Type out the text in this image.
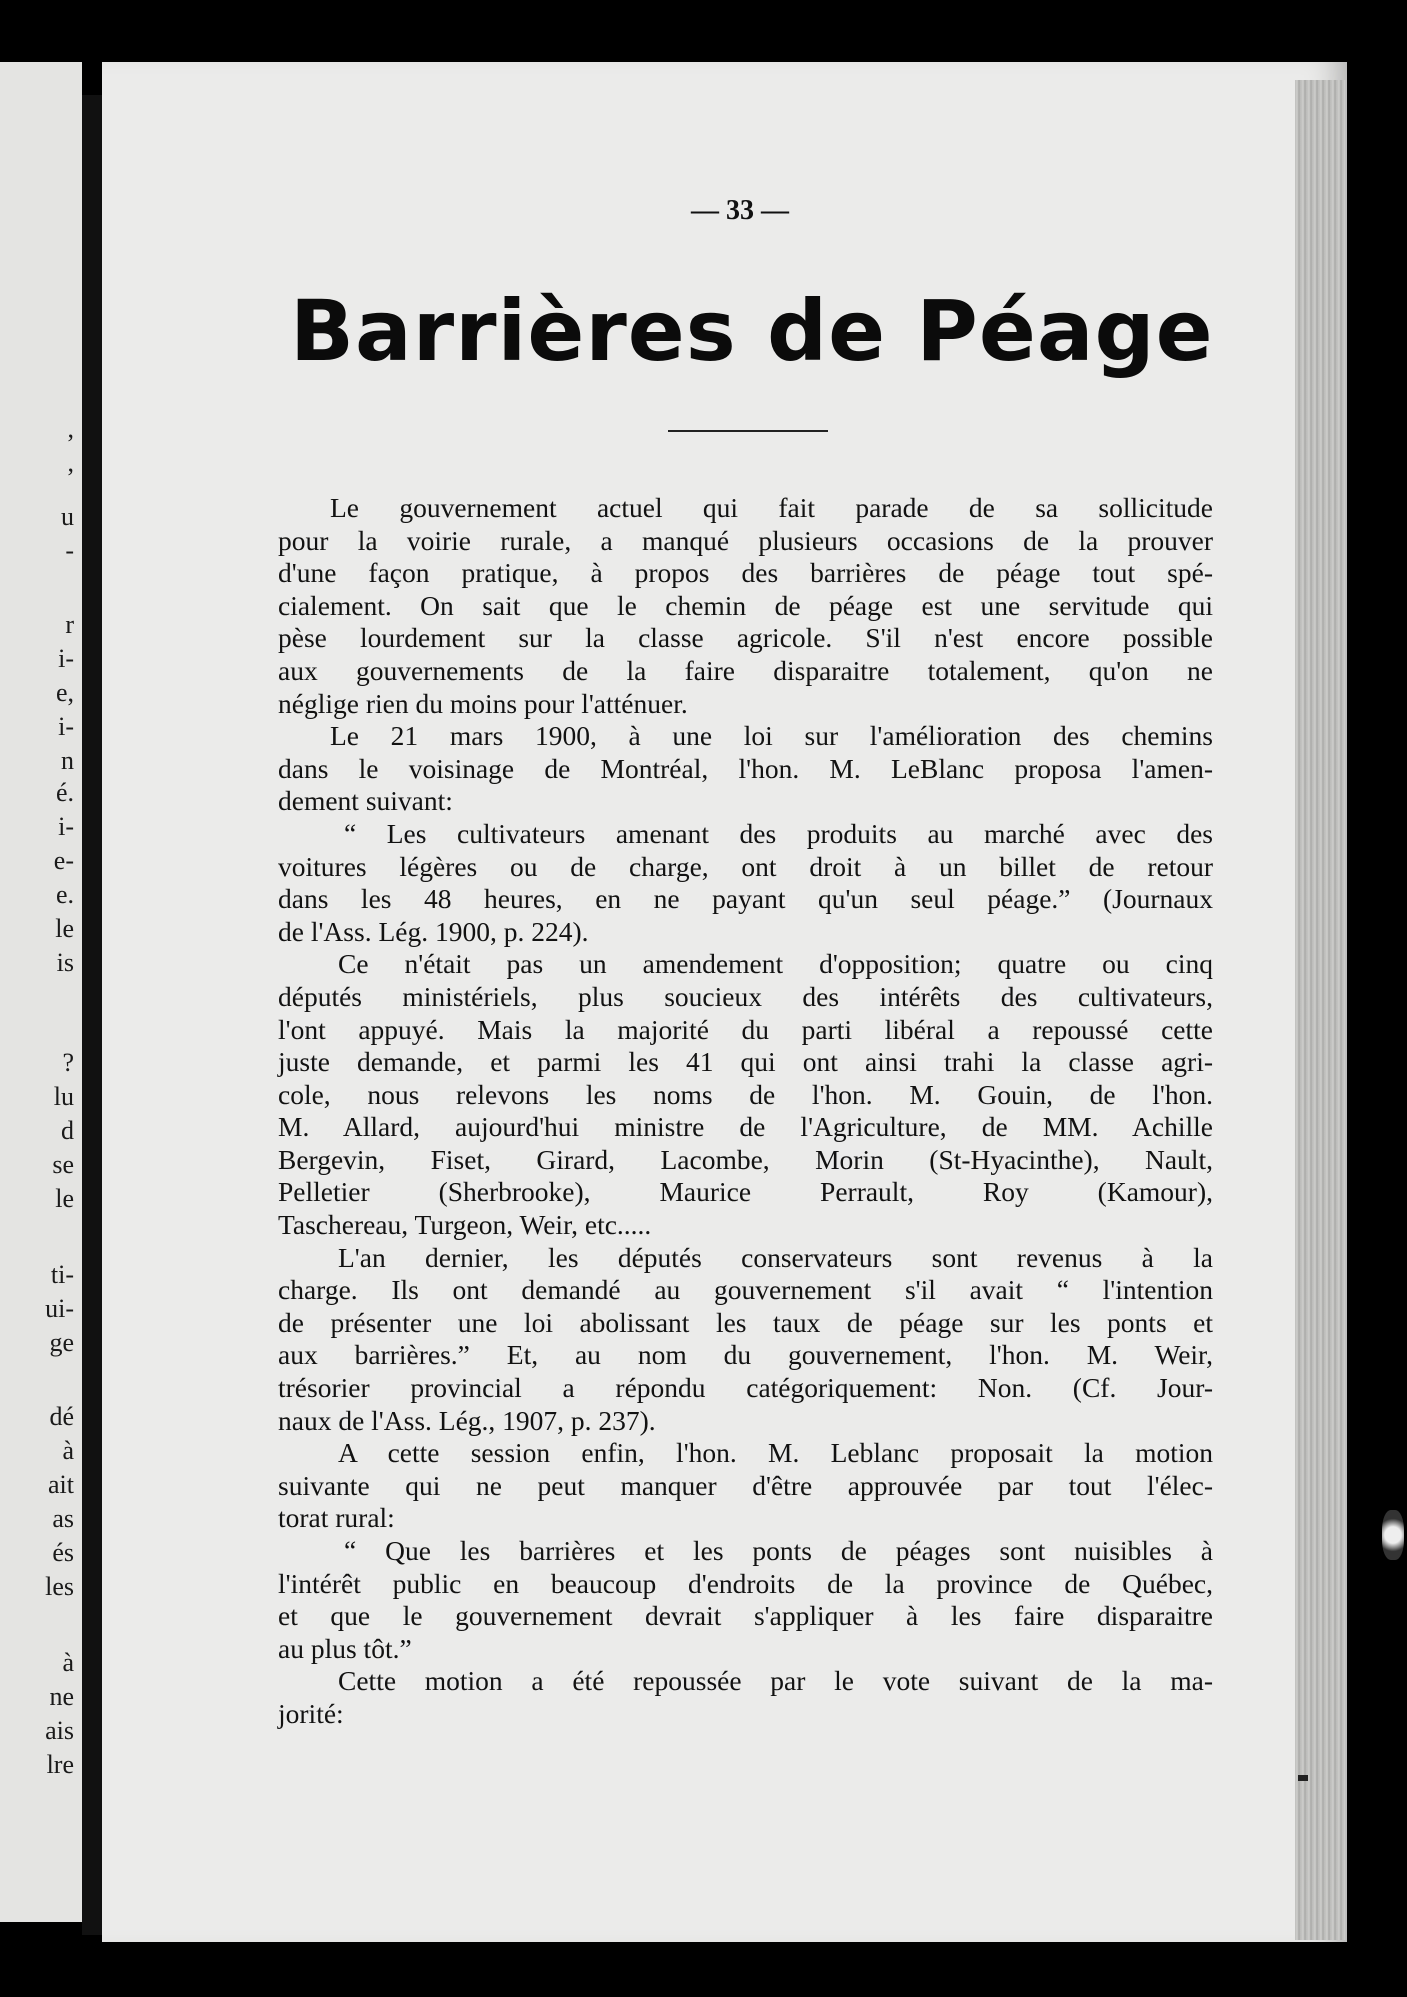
,
,
u
-
r
i-
e,
i-
n
é.
i-
e-
e.
le
is
?
lu
d
se
le
ti-
ui-
ge
dé
à
ait
as
és
les
à
ne
ais
lre
— 33 —
Barrières de Péage
Le gouvernement actuel qui fait parade de sa sollicitude
pour la voirie rurale, a manqué plusieurs occasions de la prouver
d'une façon pratique, à propos des barrières de péage tout spé-
cialement. On sait que le chemin de péage est une servitude qui
pèse lourdement sur la classe agricole. S'il n'est encore possible
aux gouvernements de la faire disparaitre totalement, qu'on ne
néglige rien du moins pour l'atténuer.
Le 21 mars 1900, à une loi sur l'amélioration des chemins
dans le voisinage de Montréal, l'hon. M. LeBlanc proposa l'amen-
dement suivant:
“ Les cultivateurs amenant des produits au marché avec des
voitures légères ou de charge, ont droit à un billet de retour
dans les 48 heures, en ne payant qu'un seul péage.” (Journaux
de l'Ass. Lég. 1900, p. 224).
Ce n'était pas un amendement d'opposition; quatre ou cinq
députés ministériels, plus soucieux des intérêts des cultivateurs,
l'ont appuyé. Mais la majorité du parti libéral a repoussé cette
juste demande, et parmi les 41 qui ont ainsi trahi la classe agri-
cole, nous relevons les noms de l'hon. M. Gouin, de l'hon.
M. Allard, aujourd'hui ministre de l'Agriculture, de MM. Achille
Bergevin, Fiset, Girard, Lacombe, Morin (St-Hyacinthe), Nault,
Pelletier (Sherbrooke), Maurice Perrault, Roy (Kamour),
Taschereau, Turgeon, Weir, etc.....
L'an dernier, les députés conservateurs sont revenus à la
charge. Ils ont demandé au gouvernement s'il avait “ l'intention
de présenter une loi abolissant les taux de péage sur les ponts et
aux barrières.” Et, au nom du gouvernement, l'hon. M. Weir,
trésorier provincial a répondu catégoriquement: Non. (Cf. Jour-
naux de l'Ass. Lég., 1907, p. 237).
A cette session enfin, l'hon. M. Leblanc proposait la motion
suivante qui ne peut manquer d'être approuvée par tout l'élec-
torat rural:
“ Que les barrières et les ponts de péages sont nuisibles à
l'intérêt public en beaucoup d'endroits de la province de Québec,
et que le gouvernement devrait s'appliquer à les faire disparaitre
au plus tôt.”
Cette motion a été repoussée par le vote suivant de la ma-
jorité:
